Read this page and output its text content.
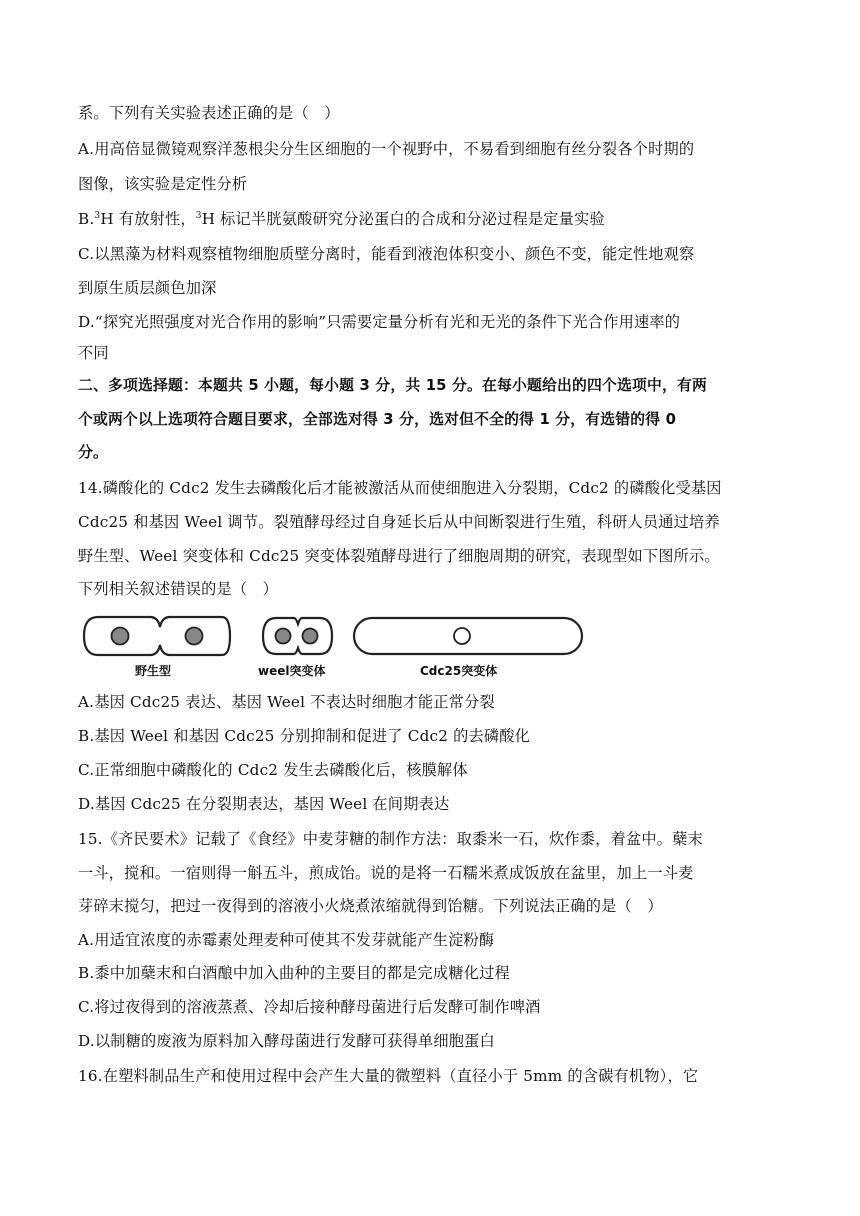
系。下列有关实验表述正确的是（　）
A.用高倍显微镜观察洋葱根尖分生区细胞的一个视野中，不易看到细胞有丝分裂各个时期的
图像，该实验是定性分析
B.$^3$H 有放射性，$^3$H 标记半胱氨酸研究分泌蛋白的合成和分泌过程是定量实验
C.以黑藻为材料观察植物细胞质壁分离时，能看到液泡体积变小、颜色不变，能定性地观察
到原生质层颜色加深
D.“探究光照强度对光合作用的影响”只需要定量分析有光和无光的条件下光合作用速率的
不同
二、多项选择题：本题共 5 小题，每小题 3 分，共 15 分。在每小题给出的四个选项中，有两
个或两个以上选项符合题目要求，全部选对得 3 分，选对但不全的得 1 分，有选错的得 0
分。
14.磷酸化的 Cdc2 发生去磷酸化后才能被激活从而使细胞进入分裂期，Cdc2 的磷酸化受基因
Cdc25 和基因 Weel 调节。裂殖酵母经过自身延长后从中间断裂进行生殖，科研人员通过培养
野生型、Weel 突变体和 Cdc25 突变体裂殖酵母进行了细胞周期的研究，表现型如下图所示。
下列相关叙述错误的是（　）
野生型	weel突变体	Cdc25突变体
A.基因 Cdc25 表达、基因 Weel 不表达时细胞才能正常分裂
B.基因 Weel 和基因 Cdc25 分别抑制和促进了 Cdc2 的去磷酸化
C.正常细胞中磷酸化的 Cdc2 发生去磷酸化后，核膜解体
D.基因 Cdc25 在分裂期表达，基因 Weel 在间期表达
15.《齐民要术》记载了《食经》中麦芽糖的制作方法：取黍米一石，炊作黍，着盆中。蘖末
一斗，搅和。一宿则得一斛五斗，煎成饴。说的是将一石糯米煮成饭放在盆里，加上一斗麦
芽碎末搅匀，把过一夜得到的溶液小火烧煮浓缩就得到饴糖。下列说法正确的是（　）
A.用适宜浓度的赤霉素处理麦种可使其不发芽就能产生淀粉酶
B.黍中加蘖末和白酒酿中加入曲种的主要目的都是完成糖化过程
C.将过夜得到的溶液蒸煮、冷却后接种酵母菌进行后发酵可制作啤酒
D.以制糖的废液为原料加入酵母菌进行发酵可获得单细胞蛋白
16.在塑料制品生产和使用过程中会产生大量的微塑料（直径小于 5mm 的含碳有机物），它
